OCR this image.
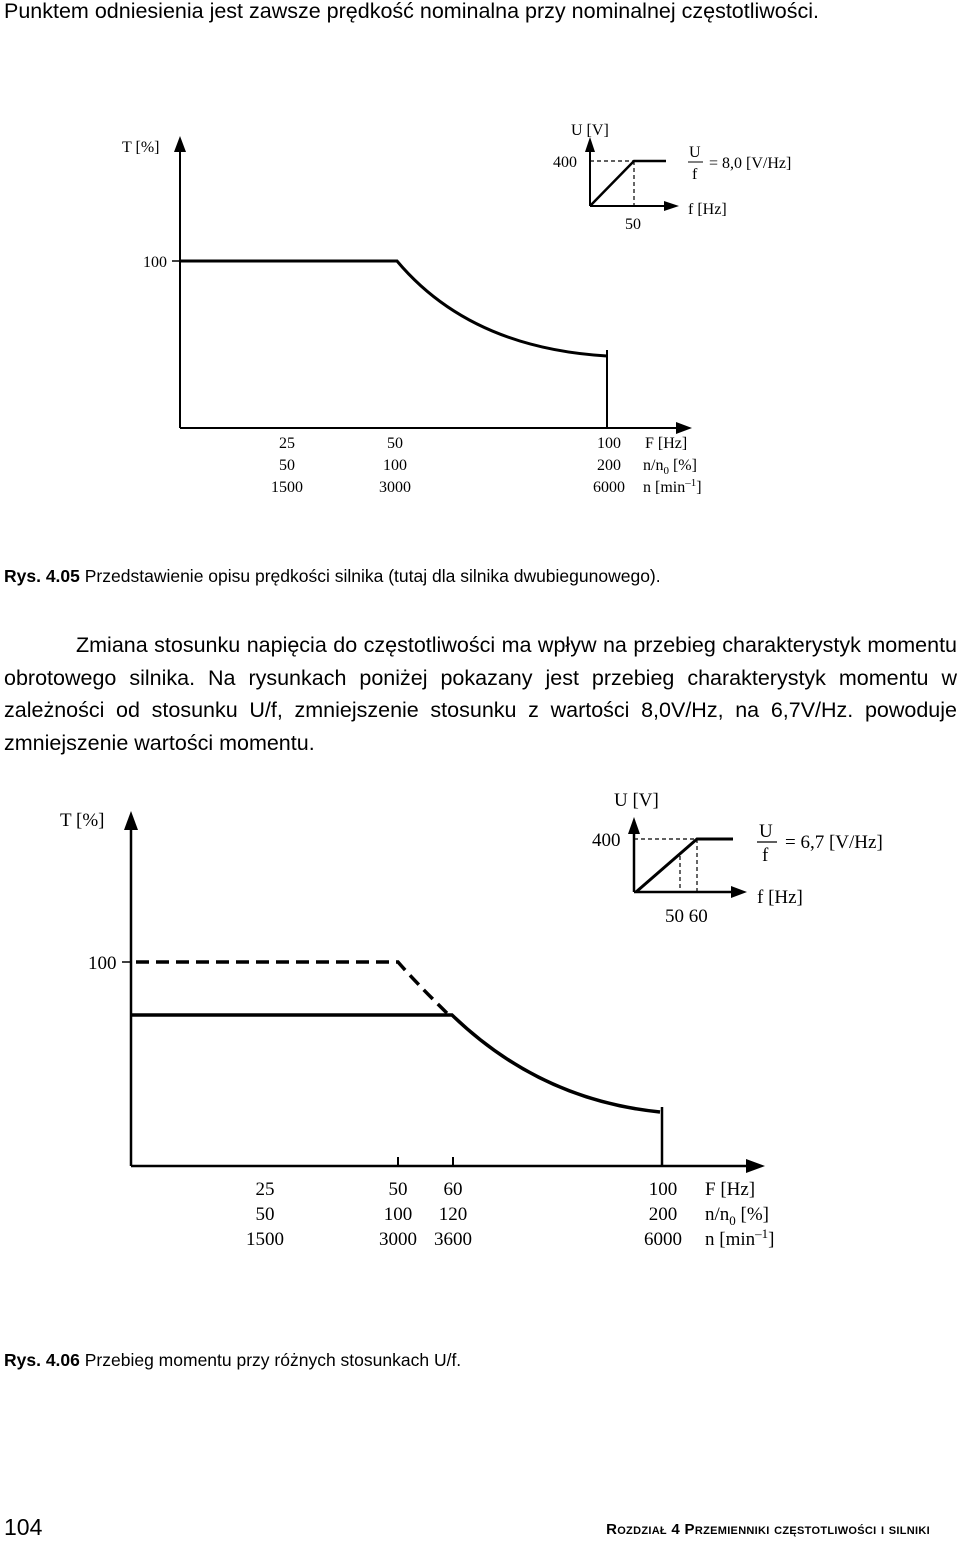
Punktem odniesienia jest zawsze prędkość nominalna przy nominalnej częstotliwości.

T [%]
100
25
50
1500
50
100
3000
100
200
6000
F [Hz]
$n/n_0$ [%]
n $[\min^{-1}]$
U [V]
400
50
f [Hz]
U
f
= 8,0 [V/Hz]

Rys. 4.05 Przedstawienie opisu prędkości silnika (tutaj dla silnika dwubiegunowego).

Zmiana stosunku napięcia do częstotliwości ma wpływ na przebieg charakterystyk momentu obrotowego silnika. Na rysunkach poniżej pokazany jest przebieg charakterystyk momentu w zależności od stosunku U/f, zmniejszenie stosunku z wartości 8,0V/Hz, na 6,7V/Hz. powoduje zmniejszenie wartości momentu.

T [%]
100
25
50
1500
50
100
3000
60
120
3600
100
200
6000
F [Hz]
$n/n_0$ [%]
n $[\min^{-1}]$
U [V]
400
50 60
f [Hz]
U
f
= 6,7 [V/Hz]

Rys. 4.06 Przebieg momentu przy różnych stosunkach U/f.

104	Rozdział 4 Przemienniki częstotliwości i silniki
